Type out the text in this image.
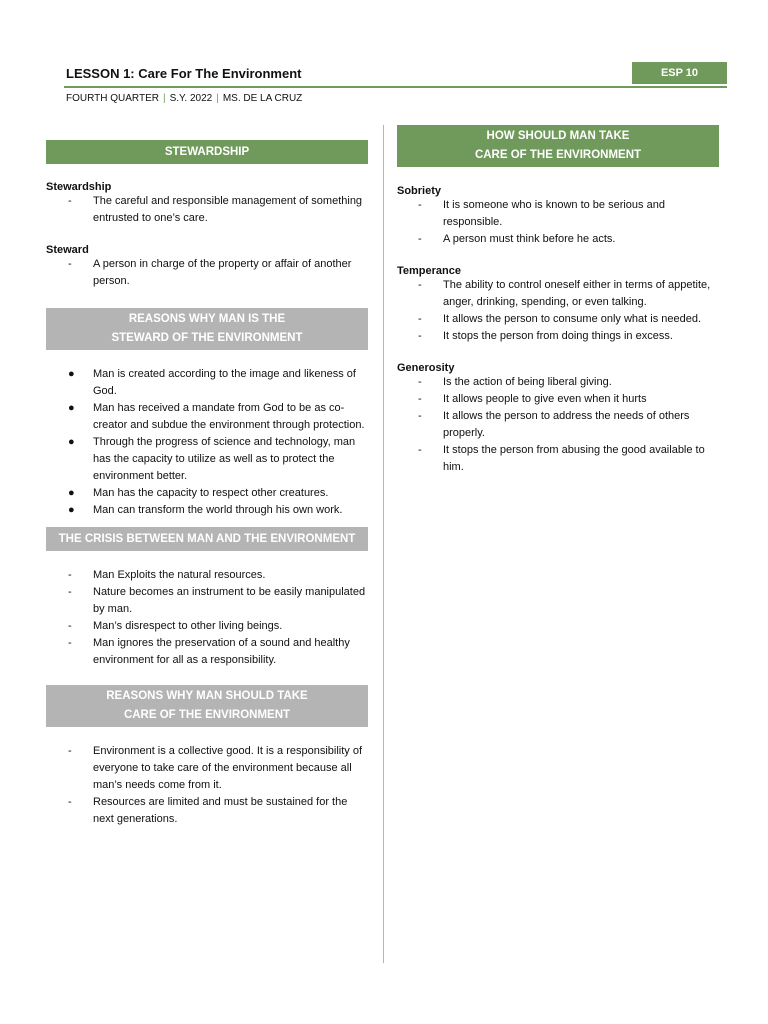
LESSON 1: Care For The Environment	ESP 10
FOURTH QUARTER | S.Y. 2022 | MS. DE LA CRUZ
STEWARDSHIP
Stewardship
- The careful and responsible management of something entrusted to one’s care.
Steward
- A person in charge of the property or affair of another person.
REASONS WHY MAN IS THE
STEWARD OF THE ENVIRONMENT
● Man is created according to the image and likeness of God.
● Man has received a mandate from God to be as co-creator and subdue the environment through protection.
● Through the progress of science and technology, man has the capacity to utilize as well as to protect the environment better.
● Man has the capacity to respect other creatures.
● Man can transform the world through his own work.
THE CRISIS BETWEEN MAN AND THE ENVIRONMENT
- Man Exploits the natural resources.
- Nature becomes an instrument to be easily manipulated by man.
- Man’s disrespect to other living beings.
- Man ignores the preservation of a sound and healthy environment for all as a responsibility.
REASONS WHY MAN SHOULD TAKE
CARE OF THE ENVIRONMENT
- Environment is a collective good. It is a responsibility of everyone to take care of the environment because all man’s needs come from it.
- Resources are limited and must be sustained for the next generations.
HOW SHOULD MAN TAKE
CARE OF THE ENVIRONMENT
Sobriety
- It is someone who is known to be serious and responsible.
- A person must think before he acts.
Temperance
- The ability to control oneself either in terms of appetite, anger, drinking, spending, or even talking.
- It allows the person to consume only what is needed.
- It stops the person from doing things in excess.
Generosity
- Is the action of being liberal giving.
- It allows people to give even when it hurts
- It allows the person to address the needs of others properly.
- It stops the person from abusing the good available to him.
